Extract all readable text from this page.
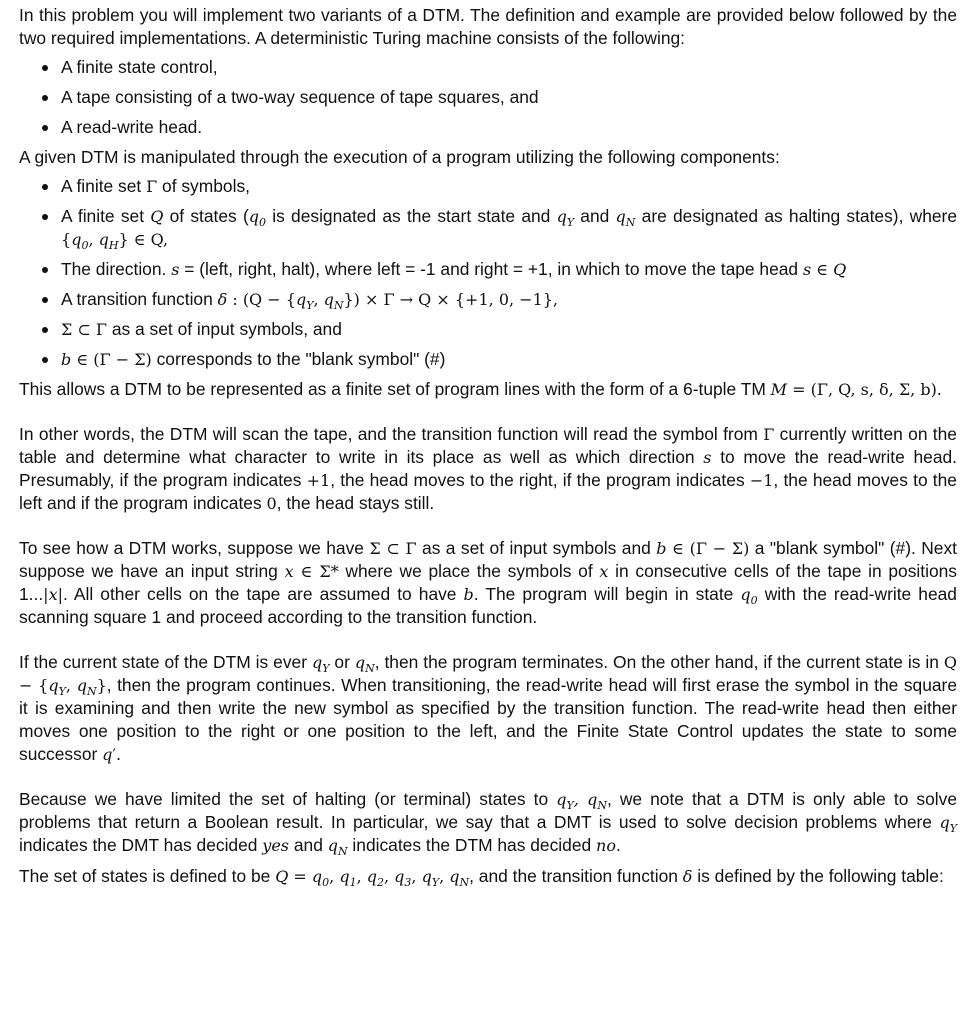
In this problem you will implement two variants of a DTM. The definition and example are provided below followed by the two required implementations. A deterministic Turing machine consists of the following:

A finite state control,
A tape consisting of a two-way sequence of tape squares, and
A read-write head.

A given DTM is manipulated through the execution of a program utilizing the following components:

A finite set Γ of symbols,
A finite set Q of states ($q_0$ is designated as the start state and $q_Y$ and $q_N$ are designated as halting states), where {$q_0$, $q_H$} ∈ Q,
The direction. s = (left, right, halt), where left = -1 and right = +1, in which to move the tape head s ∈ Q
A transition function δ : ($Q - \{q_Y$, $q_N\}) \times \Gamma \to Q \times \{+1$, 0, −1},
Σ ⊂ Γ as a set of input symbols, and
b ∈ (Γ − Σ) corresponds to the "blank symbol" (#)

This allows a DTM to be represented as a finite set of program lines with the form of a 6-tuple TM M = (Γ, Q, s, δ, Σ, b).

In other words, the DTM will scan the tape, and the transition function will read the symbol from Γ currently written on the table and determine what character to write in its place as well as which direction s to move the read-write head. Presumably, if the program indicates +1, the head moves to the right, if the program indicates −1, the head moves to the left and if the program indicates 0, the head stays still.

To see how a DTM works, suppose we have Σ ⊂ Γ as a set of input symbols and b ∈ (Γ − Σ) a "blank symbol" (#). Next suppose we have an input string x ∈ Σ* where we place the symbols of x in consecutive cells of the tape in positions 1...|x|. All other cells on the tape are assumed to have b. The program will begin in state $q_0$ with the read-write head scanning square 1 and proceed according to the transition function.

If the current state of the DTM is ever $q_Y$ or $q_N$, then the program terminates. On the other hand, if the current state is in $Q - \{q_Y$, $q_N$}, then the program continues. When transitioning, the read-write head will first erase the symbol in the square it is examining and then write the new symbol as specified by the transition function. The read-write head then either moves one position to the right or one position to the left, and the Finite State Control updates the state to some successor q′.

Because we have limited the set of halting (or terminal) states to $q_Y$, $q_N$, we note that a DTM is only able to solve problems that return a Boolean result. In particular, we say that a DMT is used to solve decision problems where $q_Y$ indicates the DMT has decided yes and $q_N$ indicates the DTM has decided no.

The set of states is defined to be $Q = q_0$, $q_1$, $q_2$, $q_3$, $q_Y$, $q_N$, and the transition function δ is defined by the following table:
